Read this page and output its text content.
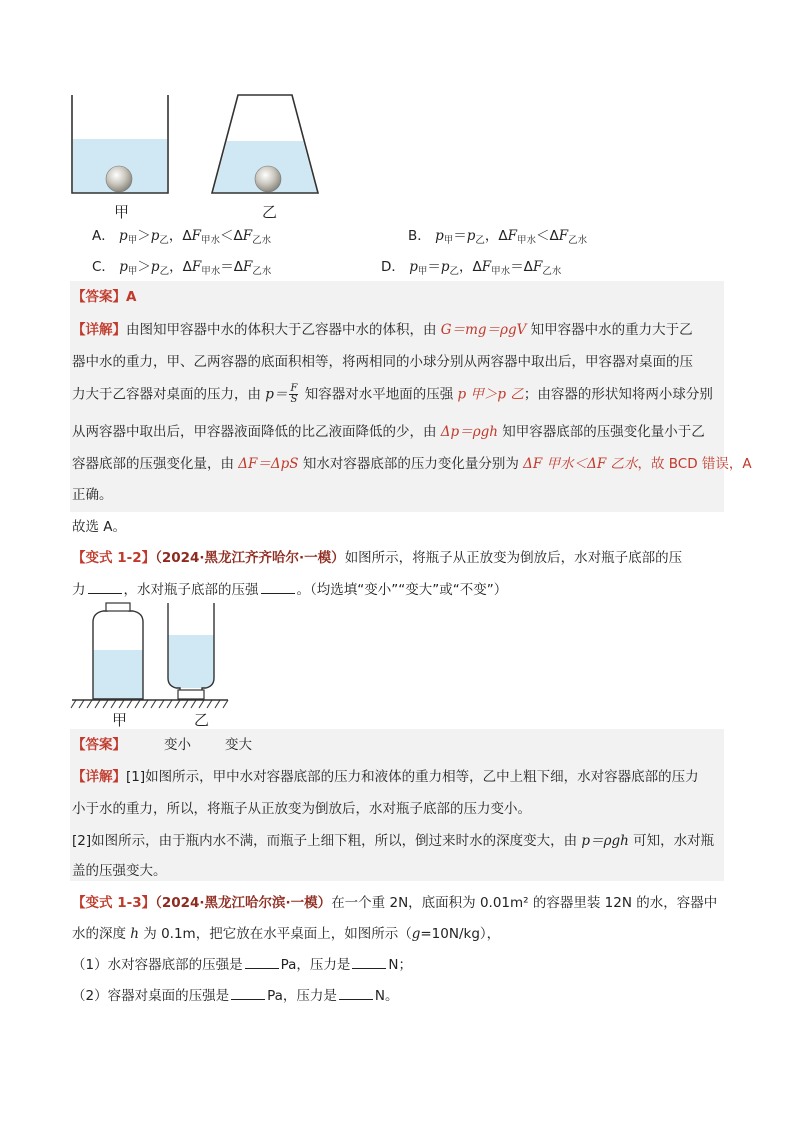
甲	乙
A． $p_甲>p_乙$，$\Delta F_{甲水}<\Delta F_{乙水}$	B． $p_甲=p_乙$，$\Delta F_{甲水}<\Delta F_{乙水}$
C． $p_甲>p_乙$，$\Delta F_{甲水}=\Delta F_{乙水}$	D． $p_甲=p_乙$，$\Delta F_{甲水}=\Delta F_{乙水}$
【答案】A
【详解】由图知甲容器中水的体积大于乙容器中水的体积，由 G＝mg＝ρgV 知甲容器中水的重力大于乙
器中水的重力，甲、乙两容器的底面积相等，将两相同的小球分别从两容器中取出后，甲容器对桌面的压
力大于乙容器对桌面的压力，由 $p= \frac{F}{S}$ 知容器对水平地面的压强 p 甲＞p 乙；由容器的形状知将两小球分别
从两容器中取出后，甲容器液面降低的比乙液面降低的少，由 Δp＝ρgh 知甲容器底部的压强变化量小于乙
容器底部的压强变化量，由 ΔF＝ΔpS 知水对容器底部的压力变化量分别为 ΔF 甲水＜ΔF 乙水，故 BCD 错误，A
正确。
故选 A。
【变式 1-2】（2024·黑龙江齐齐哈尔·一模）如图所示，将瓶子从正放变为倒放后，水对瓶子底部的压
力	，水对瓶子底部的压强	。（均选填“变小”“变大”或“不变”）
甲	乙
【答案】	变小	变大
【详解】[1]如图所示，甲中水对容器底部的压力和液体的重力相等，乙中上粗下细，水对容器底部的压力
小于水的重力，所以，将瓶子从正放变为倒放后，水对瓶子底部的压力变小。
[2]如图所示，由于瓶内水不满，而瓶子上细下粗，所以，倒过来时水的深度变大，由 p＝ρgh 可知，水对瓶
盖的压强变大。
【变式 1-3】（2024·黑龙江哈尔滨·一模）在一个重 2N，底面积为 0.01m² 的容器里装 12N 的水，容器中
水的深度 h 为 0.1m，把它放在水平桌面上，如图所示（g=10N/kg），
（1）水对容器底部的压强是	Pa，压力是	N；
（2）容器对桌面的压强是	Pa，压力是	N。
